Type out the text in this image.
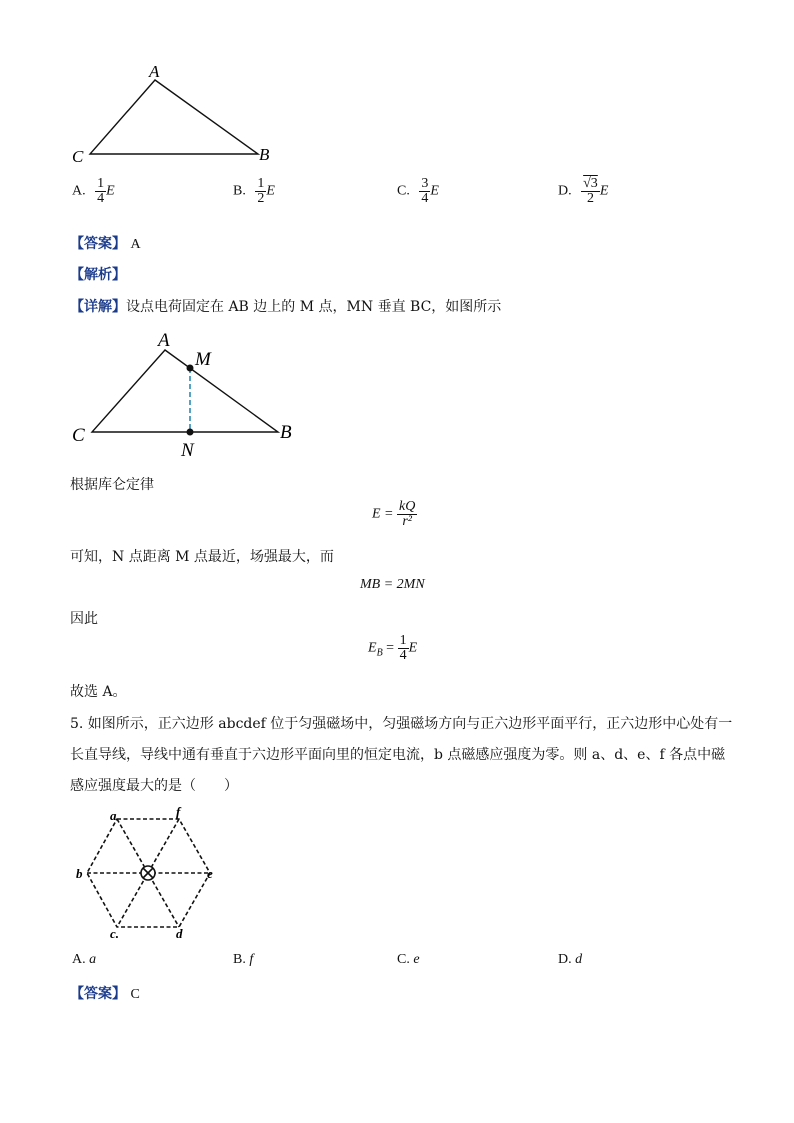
A
C	B
A. $\frac{1}{4}$ E	B. $\frac{1}{2}$ E	C. $\frac{3}{4}$ E	D. $\frac{√3}{2}$ E
【答案】 A
【解析】
【详解】设点电荷固定在 AB 边上的 M 点，MN 垂直 BC，如图所示
A
M
C	B
N
根据库仑定律
$E = \frac{kQ}{\text{r²}}$
可知，N 点距离 M 点最近，场强最大，而
MB = 2MN
因此
$E_B = \frac{1}{4}$ E
故选 A。
5. 如图所示，正六边形 abcdef 位于匀强磁场中，匀强磁场方向与正六边形平面平行，正六边形中心处有一
长直导线，导线中通有垂直于六边形平面向里的恒定电流，b 点磁感应强度为零。则 a、d、e、f 各点中磁
感应强度最大的是（　　）
a	f
b	e
c.	d
A. a	B. f	C. e	D. d
【答案】 C
